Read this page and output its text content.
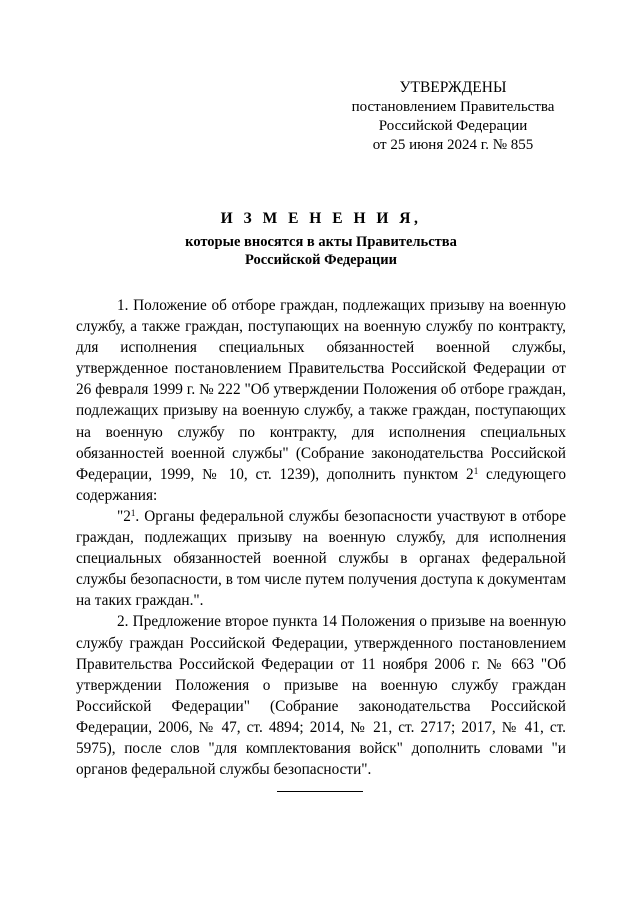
УТВЕРЖДЕНЫ
постановлением Правительства
Российской Федерации
от 25 июня 2024 г. № 855
И З М Е Н Е Н И Я,
которые вносятся в акты Правительства
Российской Федерации

1. Положение об отборе граждан, подлежащих призыву на военную службу, а также граждан, поступающих на военную службу по контракту, для исполнения специальных обязанностей военной службы, утвержденное постановлением Правительства Российской Федерации от 26 февраля 1999 г. № 222 "Об утверждении Положения об отборе граждан, подлежащих призыву на военную службу, а также граждан, поступающих на военную службу по контракту, для исполнения специальных обязанностей военной службы" (Собрание законодательства Российской Федерации, 1999, № 10, ст. 1239), дополнить пунктом $2^1$ следующего содержания:

"$2^1$. Органы федеральной службы безопасности участвуют в отборе граждан, подлежащих призыву на военную службу, для исполнения специальных обязанностей военной службы в органах федеральной службы безопасности, в том числе путем получения доступа к документам на таких граждан.".

2. Предложение второе пункта 14 Положения о призыве на военную службу граждан Российской Федерации, утвержденного постановлением Правительства Российской Федерации от 11 ноября 2006 г. № 663 "Об утверждении Положения о призыве на военную службу граждан Российской Федерации" (Собрание законодательства Российской Федерации, 2006, № 47, ст. 4894; 2014, № 21, ст. 2717; 2017, № 41, ст. 5975), после слов "для комплектования войск" дополнить словами "и органов федеральной службы безопасности".
